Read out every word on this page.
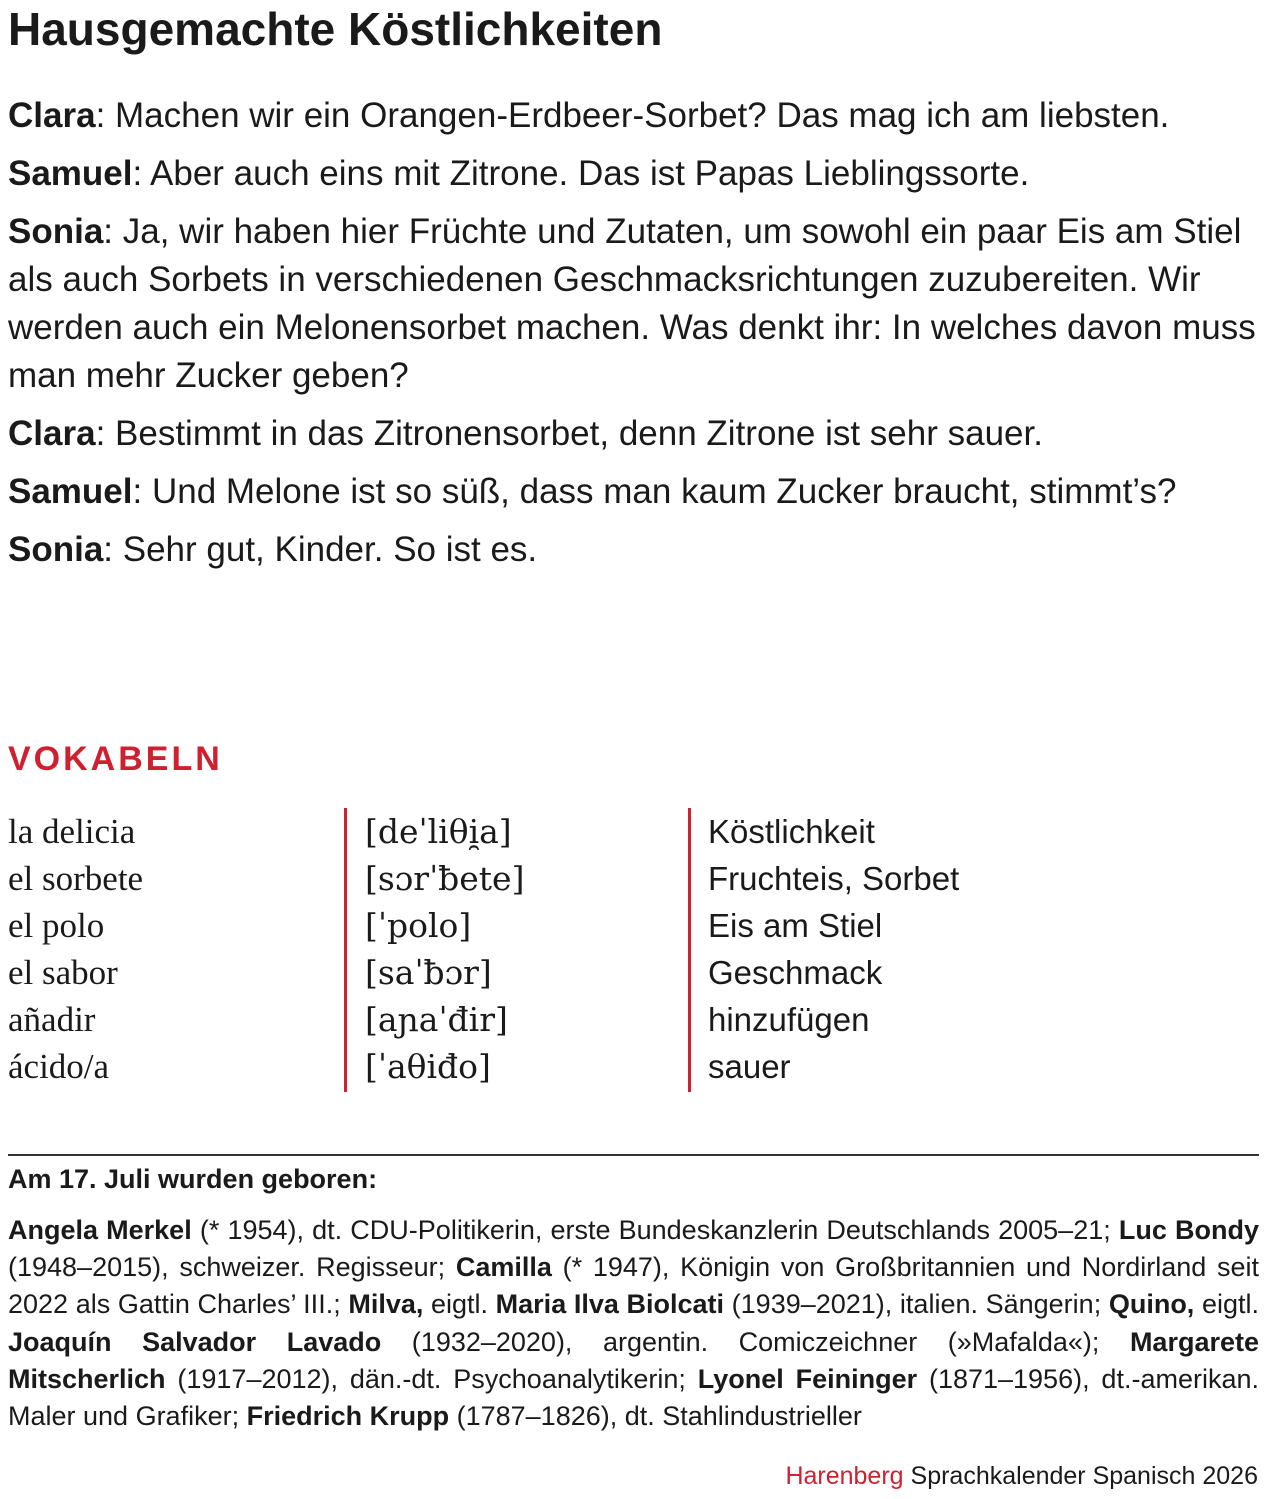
Hausgemachte Köstlichkeiten

Clara: Machen wir ein Orangen-Erdbeer-Sorbet? Das mag ich am liebsten.

Samuel: Aber auch eins mit Zitrone. Das ist Papas Lieblingssorte.

Sonia: Ja, wir haben hier Früchte und Zutaten, um sowohl ein paar Eis am Stiel als auch Sorbets in verschiedenen Geschmacksrichtungen zuzubereiten. Wir werden auch ein Melonensorbet machen. Was denkt ihr: In welches davon muss man mehr Zucker geben?

Clara: Bestimmt in das Zitronensorbet, denn Zitrone ist sehr sauer.

Samuel: Und Melone ist so süß, dass man kaum Zucker braucht, stimmt’s?

Sonia: Sehr gut, Kinder. So ist es.

VOKABELN
la delicia
el sorbete
el polo
el sabor
añadir
ácido/a
[deˈliθi̯a]
[sɔrˈƀete]
[ˈpolo]
[saˈƀɔr]
[aɲaˈđir]
[ˈaθiđo]
Köstlichkeit
Fruchteis, Sorbet
Eis am Stiel
Geschmack
hinzufügen
sauer
Am 17. Juli wurden geboren:

Angela Merkel (* 1954), dt. CDU-Politikerin, erste Bundeskanzlerin Deutschlands 2005–21; Luc Bondy (1948–2015), schweizer. Regisseur; Camilla (* 1947), Königin von Großbritannien und Nordirland seit 2022 als Gattin Charles’ III.; Milva, eigtl. Maria Ilva Biolcati (1939–2021), italien. Sängerin; Quino, eigtl. Joaquín Salvador Lavado (1932–2020), argentin. Comiczeichner (»Mafalda«); Margarete Mitscherlich (1917–2012), dän.-dt. Psychoanalytikerin; Lyonel Feininger (1871–1956), dt.-amerikan. Maler und Grafiker; Friedrich Krupp (1787–1826), dt. Stahlindustrieller

Harenberg Sprachkalender Spanisch 2026
